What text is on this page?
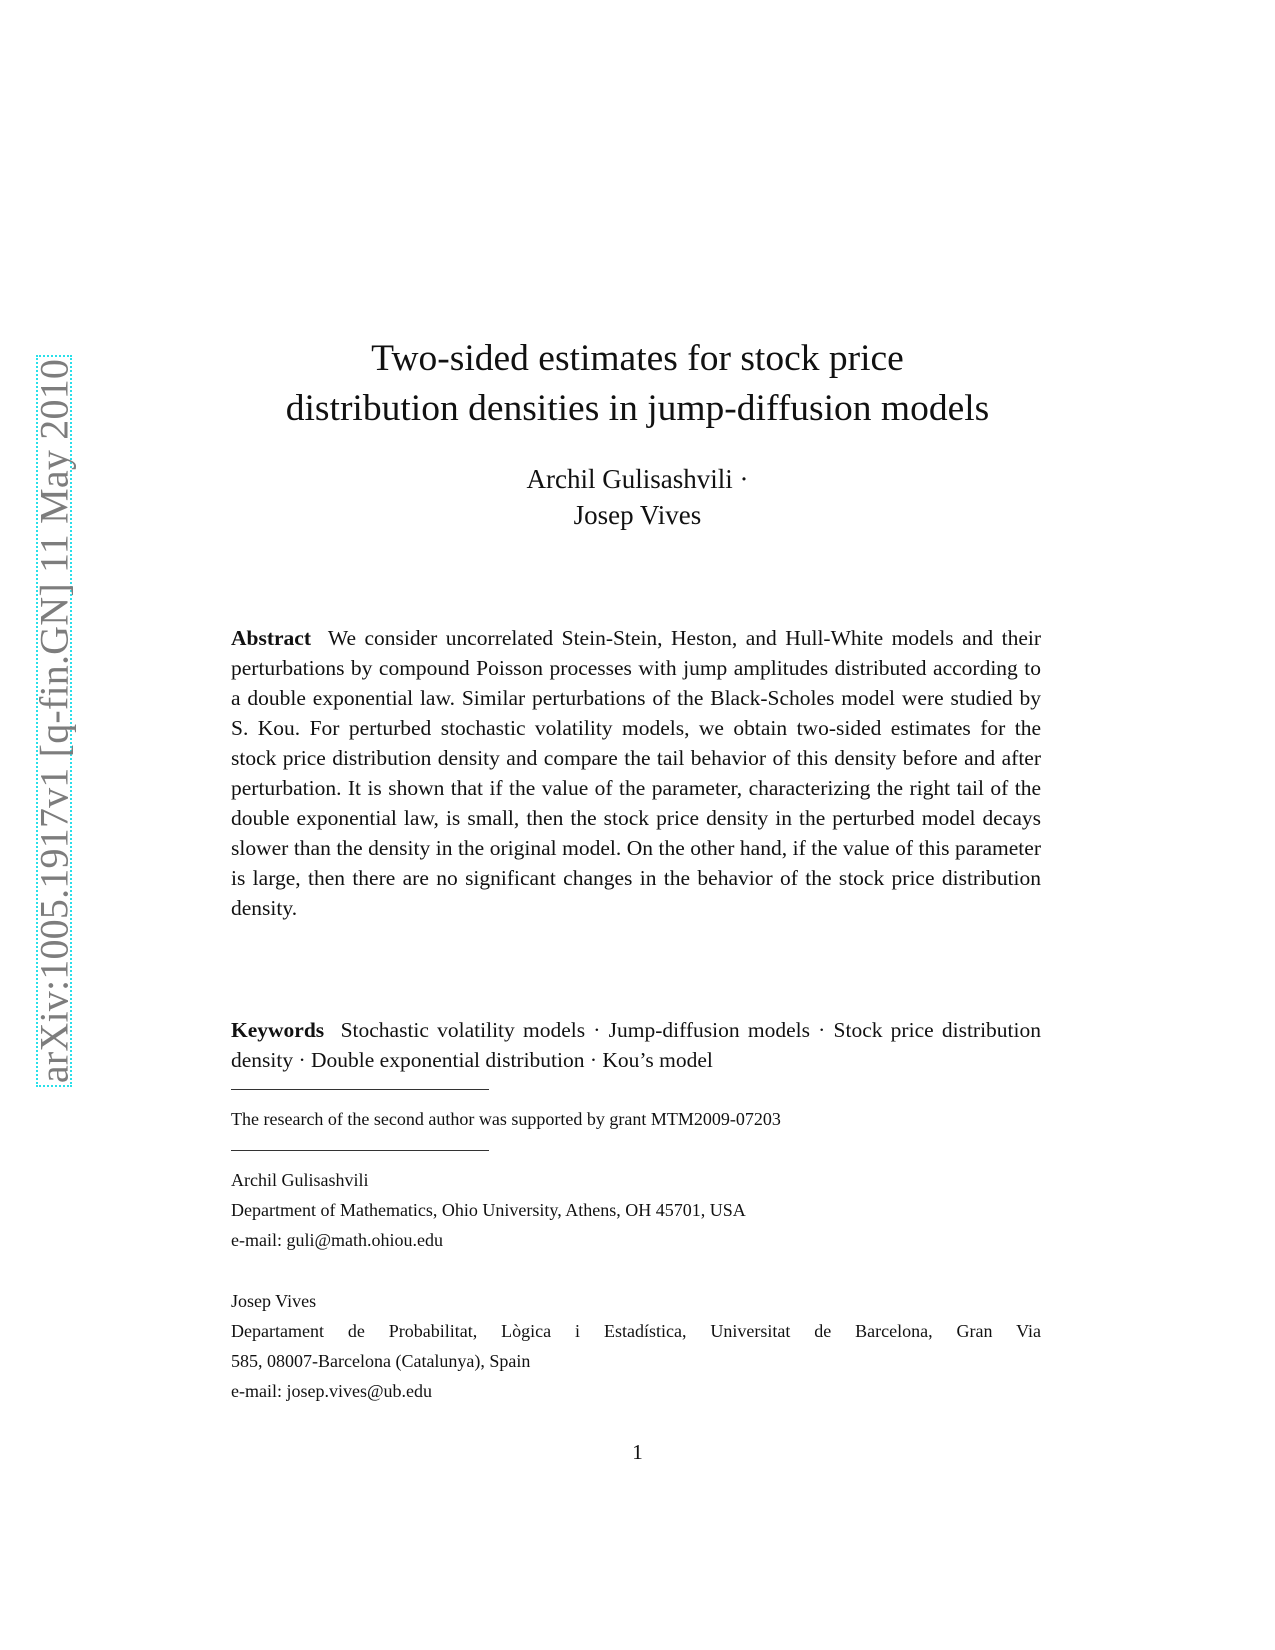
arXiv:1005.1917v1 [q-fin.GN] 11 May 2010
Two-sided estimates for stock price
distribution densities in jump-diffusion models
Archil Gulisashvili ·
Josep Vives

Abstract We consider uncorrelated Stein-Stein, Heston, and Hull-White models and their perturbations by compound Poisson processes with jump amplitudes distributed according to a double exponential law. Similar perturbations of the Black-Scholes model were studied by S. Kou. For perturbed stochastic volatility models, we obtain two-sided estimates for the stock price distribution density and compare the tail behavior of this density before and after perturbation. It is shown that if the value of the parameter, characterizing the right tail of the double exponential law, is small, then the stock price density in the perturbed model decays slower than the density in the original model. On the other hand, if the value of this parameter is large, then there are no significant changes in the behavior of the stock price distribution density.

Keywords Stochastic volatility models · Jump-diffusion models · Stock price distribution density · Double exponential distribution · Kou’s model

The research of the second author was supported by grant MTM2009-07203
Archil Gulisashvili
Department of Mathematics, Ohio University, Athens, OH 45701, USA
e-mail: guli@math.ohiou.edu
Josep Vives
Departament de Probabilitat, Lògica i Estadística, Universitat de Barcelona, Gran Via
585, 08007-Barcelona (Catalunya), Spain
e-mail: josep.vives@ub.edu
1
